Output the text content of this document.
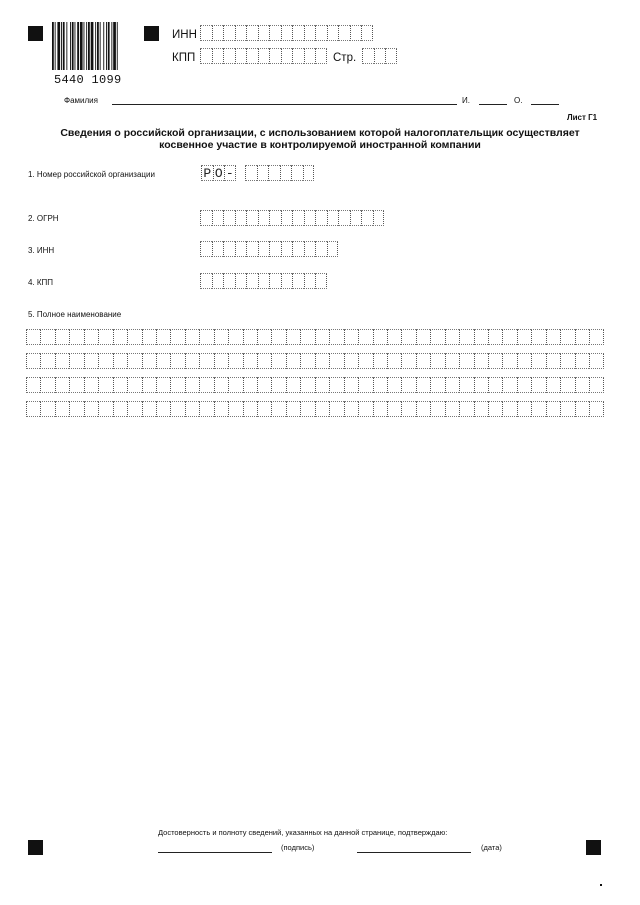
5440 1099
ИНН
КПП	Стр.
Фамилия	И.	О.
Лист Г1
Сведения о российской организации, с использованием которой налогоплательщик осуществляет
косвенное участие в контролируемой иностранной компании
1. Номер российской организации	Р О -
2. ОГРН
3. ИНН
4. КПП
5. Полное наименование
Достоверность и полноту сведений, указанных на данной странице, подтверждаю:
(подпись)	(дата)
